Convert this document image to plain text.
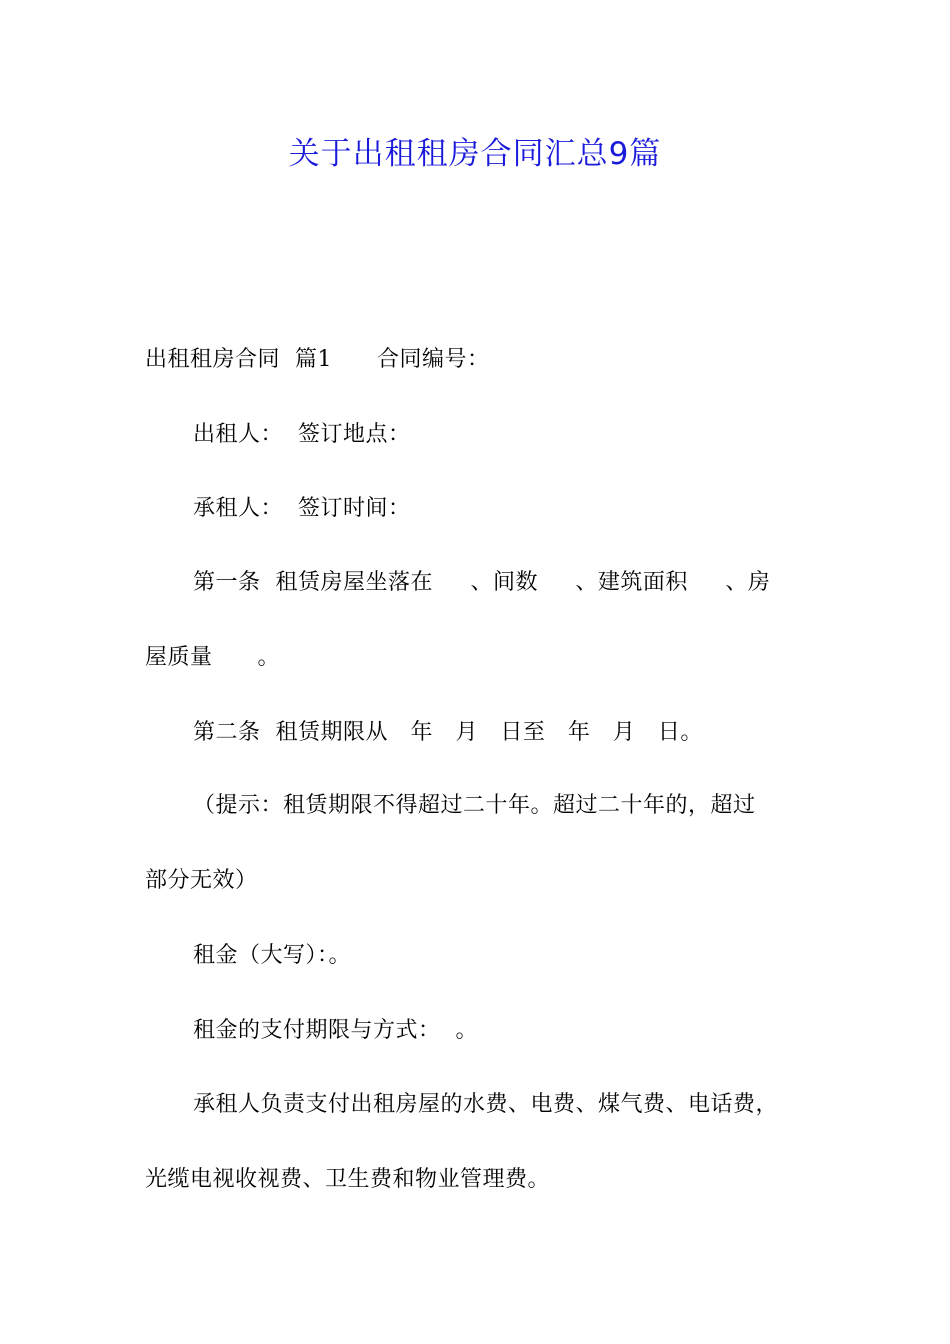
关于出租租房合同汇总9篇
出租租房合同  篇1      合同编号：
出租人：  签订地点：
承租人：  签订时间：
第一条  租赁房屋坐落在     、间数     、建筑面积     、房
屋质量      。
第二条  租赁期限从   年   月   日至   年   月   日。
（提示：租赁期限不得超过二十年。超过二十年的，超过
部分无效）
租金（大写）：。
租金的支付期限与方式：  。
承租人负责支付出租房屋的水费、电费、煤气费、电话费，
光缆电视收视费、卫生费和物业管理费。
